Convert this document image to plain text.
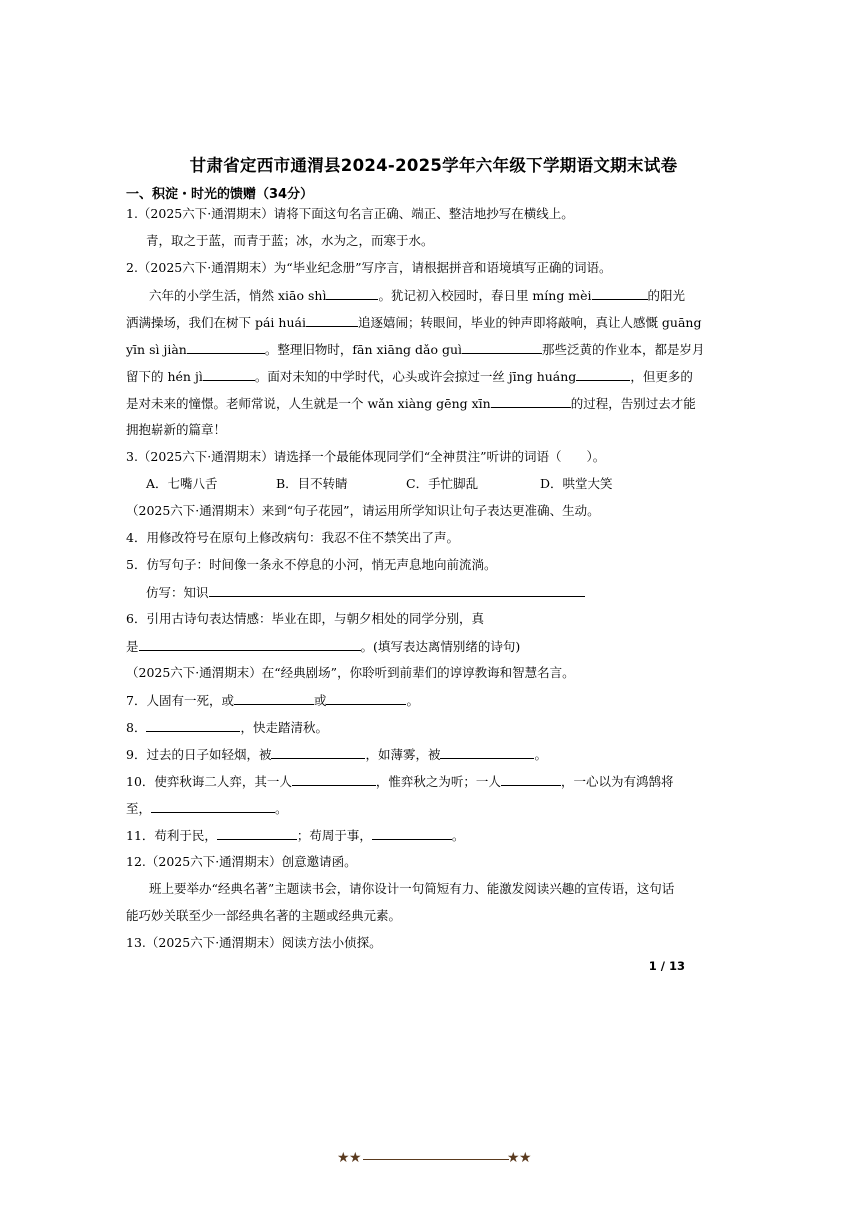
甘肃省定西市通渭县2024-2025学年六年级下学期语文期末试卷
一、积淀・时光的馈赠（34分）
1.（2025六下·通渭期末）请将下面这句名言正确、端正、整洁地抄写在横线上。
青，取之于蓝，而青于蓝；冰，水为之，而寒于水。
2.（2025六下·通渭期末）为“毕业纪念册”写序言，请根据拼音和语境填写正确的词语。
六年的小学生活，悄然 xiāo shì	。犹记初入校园时，春日里 míng mèi	的阳光
洒满操场，我们在树下 pái huái	追逐嬉闹；转眼间，毕业的钟声即将敲响，真让人感慨 guāng
yīn sì jiàn	。整理旧物时，fān xiāng dǎo guì	那些泛黄的作业本，都是岁月
留下的 hén jì	。面对未知的中学时代，心头或许会掠过一丝 jīng huáng	，但更多的
是对未来的憧憬。老师常说，人生就是一个 wǎn xiàng gēng xīn	的过程，告别过去才能
拥抱崭新的篇章！
3.（2025六下·通渭期末）请选择一个最能体现同学们“全神贯注”听讲的词语（　　）。
A．七嘴八舌	B．目不转睛	C．手忙脚乱	D．哄堂大笑
（2025六下·通渭期末）来到“句子花园”，请运用所学知识让句子表达更准确、生动。
4．用修改符号在原句上修改病句：我忍不住不禁笑出了声。
5．仿写句子：时间像一条永不停息的小河，悄无声息地向前流淌。
仿写：知识
6．引用古诗句表达情感：毕业在即，与朝夕相处的同学分别，真
是	。(填写表达离情别绪的诗句)
（2025六下·通渭期末）在“经典剧场”，你聆听到前辈们的谆谆教诲和智慧名言。
7．人固有一死，或	或	。
8．	，快走踏清秋。
9．过去的日子如轻烟，被	，如薄雾，被	。
10．使弈秋诲二人弈，其一人	，惟弈秋之为听；一人	，一心以为有鸿鹄将
至，	。
11．苟利于民，	；苟周于事，	。
12.（2025六下·通渭期末）创意邀请函。
班上要举办“经典名著”主题读书会，请你设计一句简短有力、能激发阅读兴趣的宣传语，这句话
能巧妙关联至少一部经典名著的主题或经典元素。
13.（2025六下·通渭期末）阅读方法小侦探。
1 / 13
★ ★	★ ★
